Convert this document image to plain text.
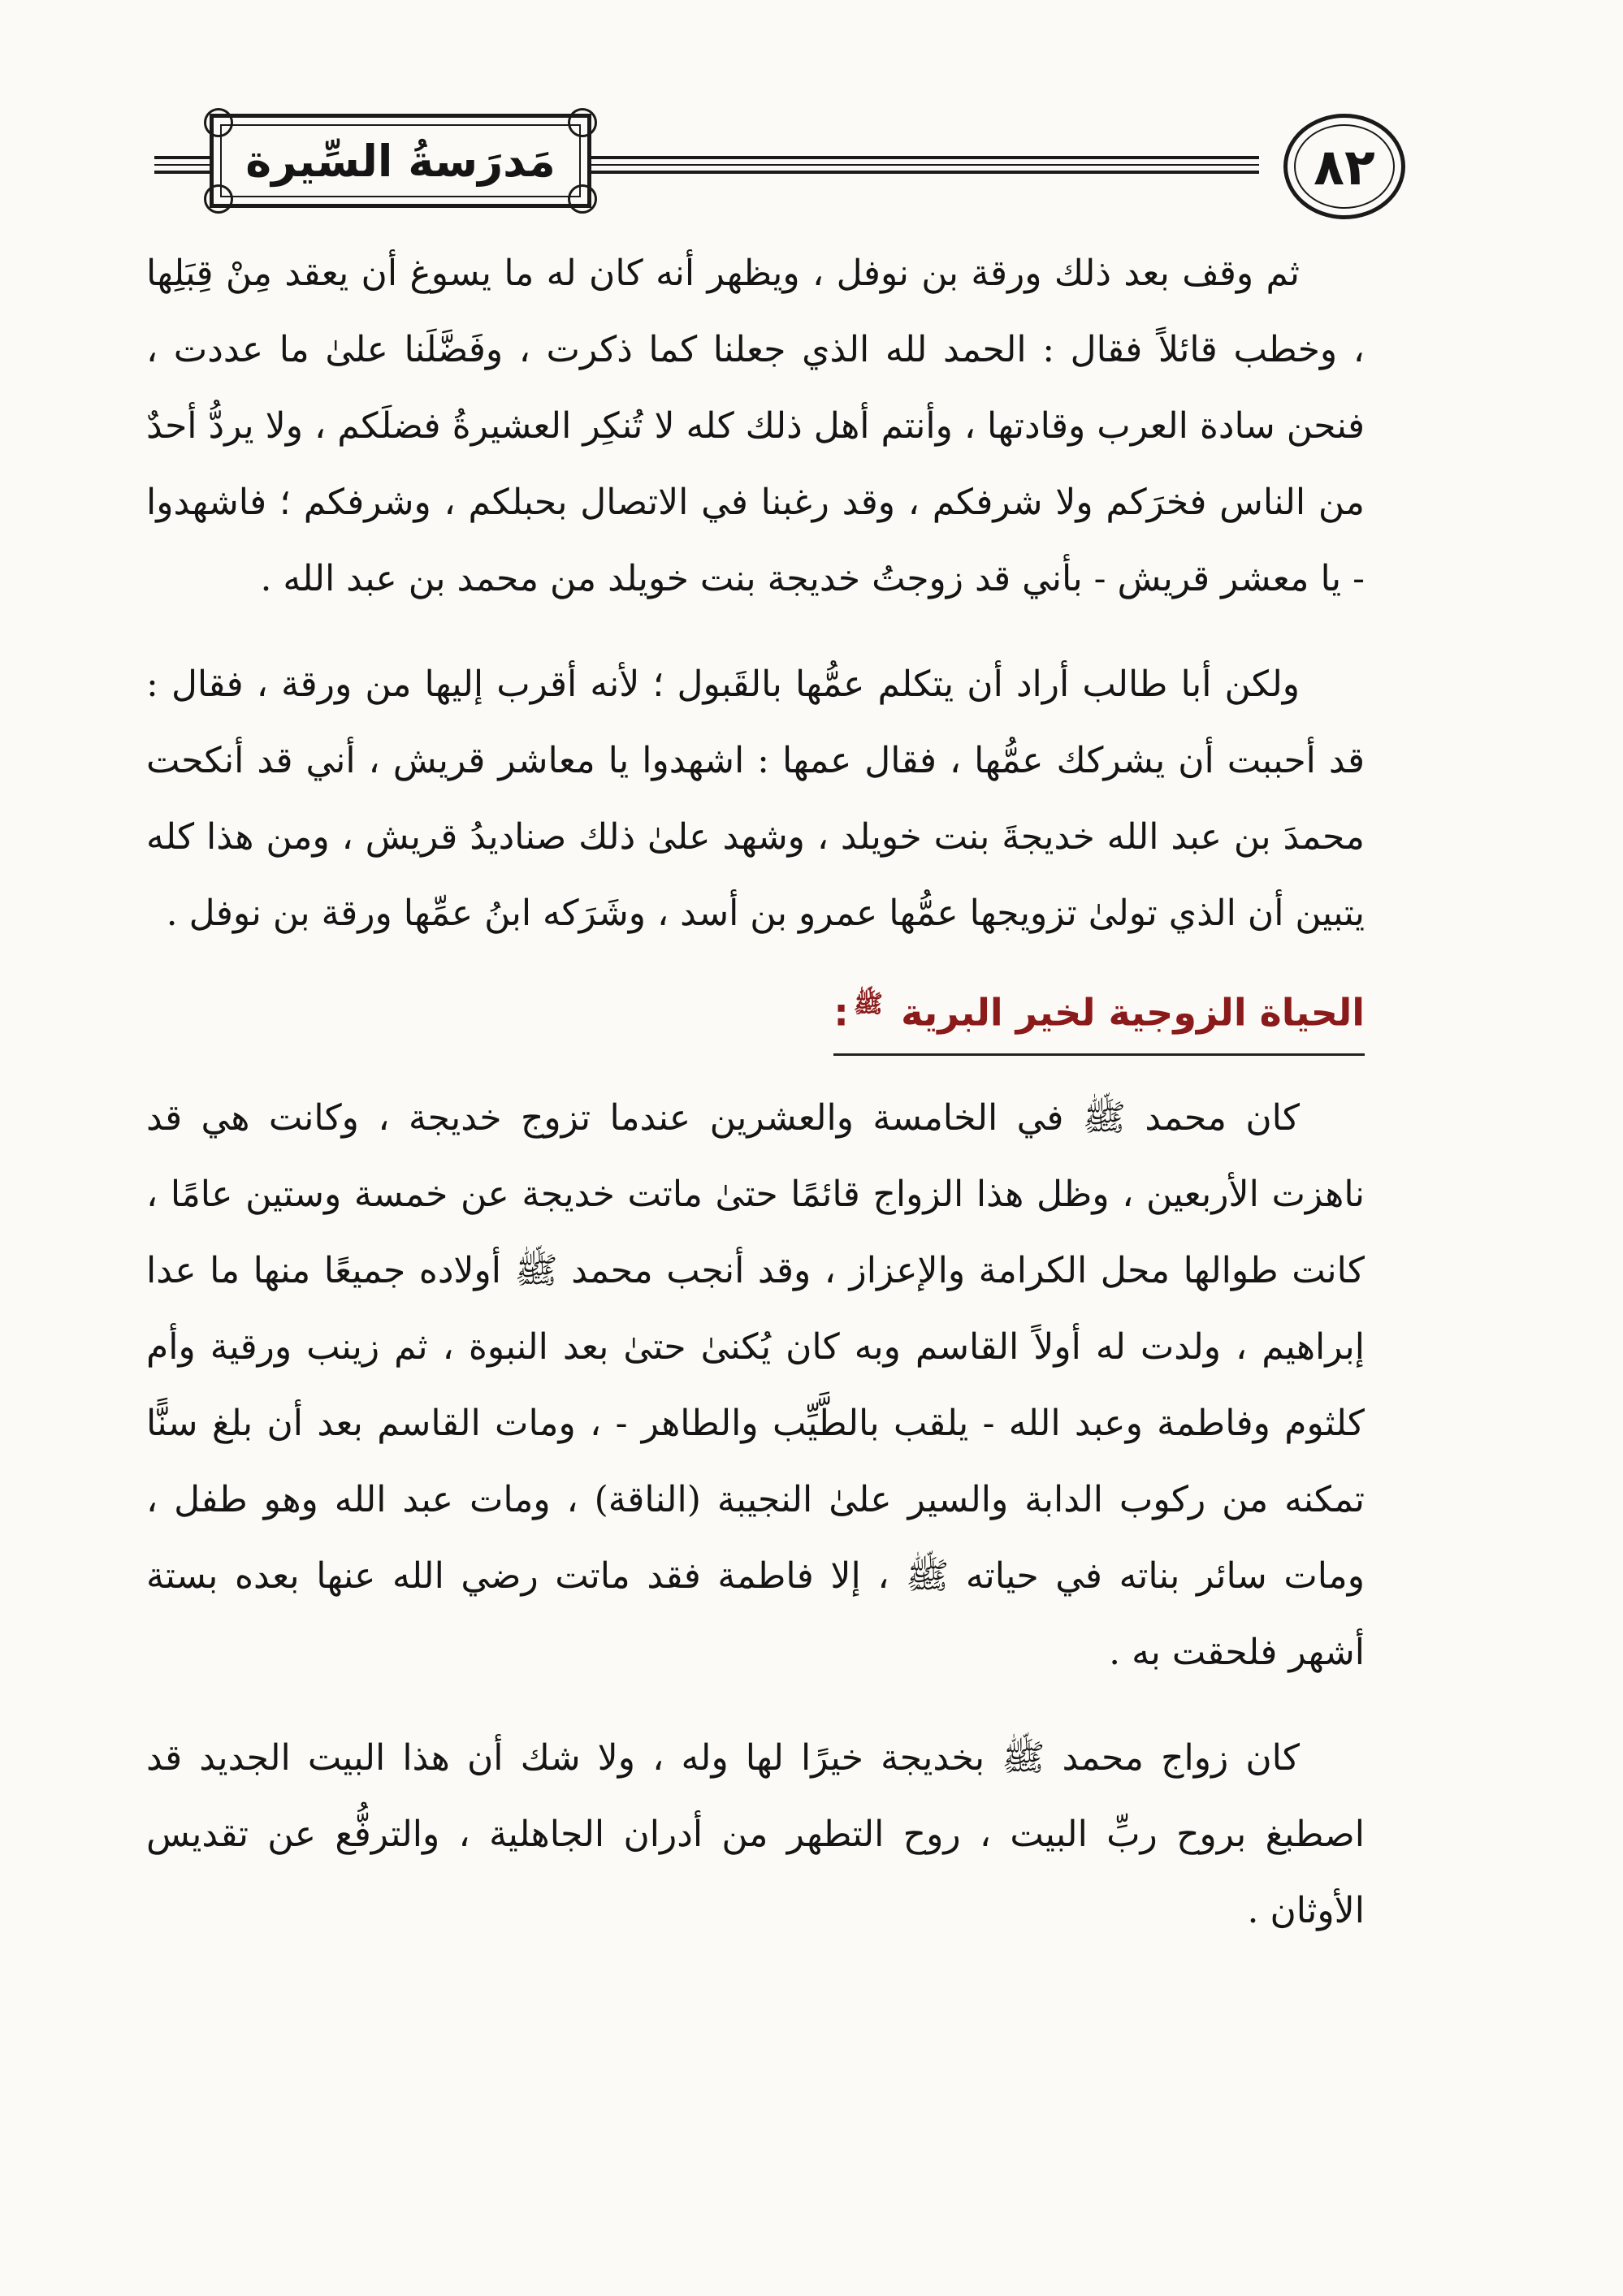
مَدرَسةُ السِّيرة	٨٢

ثم وقف بعد ذلك ورقة بن نوفل ، ويظهر أنه كان له ما يسوغ أن يعقد مِنْ قِبَلِها ، وخطب قائلاً فقال : الحمد لله الذي جعلنا كما ذكرت ، وفَضَّلَنا علىٰ ما عددت ، فنحن سادة العرب وقادتها ، وأنتم أهل ذلك كله لا تُنكِر العشيرةُ فضلَكم ، ولا يردُّ أحدٌ من الناس فخرَكم ولا شرفكم ، وقد رغبنا في الاتصال بحبلكم ، وشرفكم ؛ فاشهدوا - يا معشر قريش - بأني قد زوجتُ خديجة بنت خويلد من محمد بن عبد الله .

ولكن أبا طالب أراد أن يتكلم عمُّها بالقَبول ؛ لأنه أقرب إليها من ورقة ، فقال : قد أحببت أن يشركك عمُّها ، فقال عمها : اشهدوا يا معاشر قريش ، أني قد أنكحت محمدَ بن عبد الله خديجةَ بنت خويلد ، وشهد علىٰ ذلك صناديدُ قريش ، ومن هذا كله يتبين أن الذي تولىٰ تزويجها عمُّها عمرو بن أسد ، وشَرَكه ابنُ عمِّها ورقة بن نوفل .

الحياة الزوجية لخير البرية $^ﷺ$:

كان محمد ﷺ في الخامسة والعشرين عندما تزوج خديجة ، وكانت هي قد ناهزت الأربعين ، وظل هذا الزواج قائمًا حتىٰ ماتت خديجة عن خمسة وستين عامًا ، كانت طوالها محل الكرامة والإعزاز ، وقد أنجب محمد ﷺ أولاده جميعًا منها ما عدا إبراهيم ، ولدت له أولاً القاسم وبه كان يُكنىٰ حتىٰ بعد النبوة ، ثم زينب ورقية وأم كلثوم وفاطمة وعبد الله - يلقب بالطَّيِّب والطاهر - ، ومات القاسم بعد أن بلغ سنًّا تمكنه من ركوب الدابة والسير علىٰ النجيبة (الناقة) ، ومات عبد الله وهو طفل ، ومات سائر بناته في حياته ﷺ ، إلا فاطمة فقد ماتت رضي الله عنها بعده بستة أشهر فلحقت به .

كان زواج محمد ﷺ بخديجة خيرًا لها وله ، ولا شك أن هذا البيت الجديد قد اصطبغ بروح ربِّ البيت ، روح التطهر من أدران الجاهلية ، والترفُّع عن تقديس الأوثان .
